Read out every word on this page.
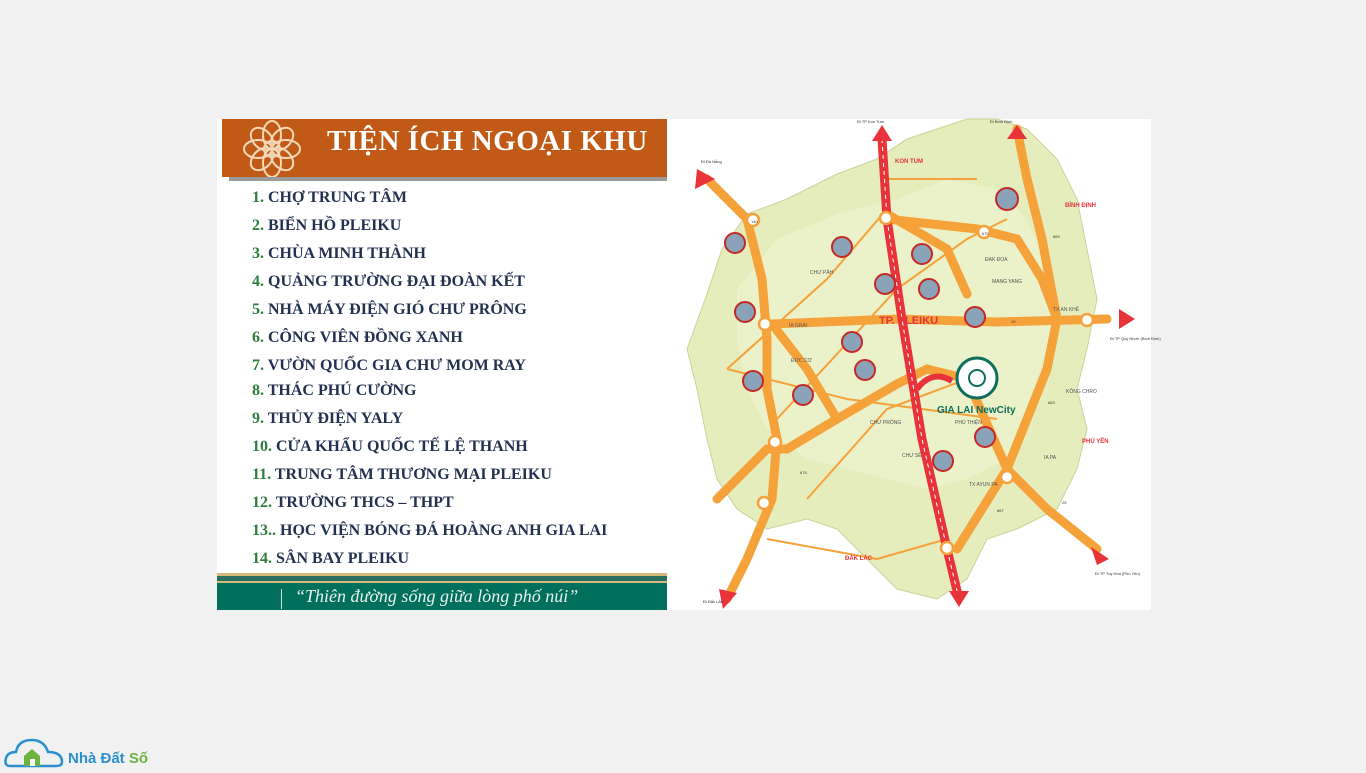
TIỆN ÍCH NGOẠI KHU
1. CHỢ TRUNG TÂM
2. BIỂN HỒ PLEIKU
3. CHÙA MINH THÀNH
4. QUẢNG TRƯỜNG ĐẠI ĐOÀN KẾT
5. NHÀ MÁY ĐIỆN GIÓ CHƯ PRÔNG
6. CÔNG VIÊN ĐỒNG XANH
7. VƯỜN QUỐC GIA CHƯ MOM RAY
8. THÁC PHÚ CƯỜNG
9. THỦY ĐIỆN YALY
10. CỬA KHẨU QUỐC TẾ LỆ THANH
11. TRUNG TÂM THƯƠNG MẠI PLEIKU
12. TRƯỜNG THCS – THPT
13.. HỌC VIỆN BÓNG ĐÁ HOÀNG ANH GIA LAI
14. SÂN BAY PLEIKU
“Thiên đường sống giữa lòng phố núi”
GIA LAI NewCity
TP. PLEIKU
KON TUM
BÌNH ĐỊNH
PHÚ YÊN
ĐẮK LẮC
CHƯ PĂH
ĐAK ĐOA
MANG YANG
IA GRAI
ĐỨC CƠ
CHƯ PRÔNG
CHƯ SÊ
PHÚ THIỆN
KÔNG CHRO
IA PA
TX AN KHÊ
TX AYUN PA
Đi TP Kon Tum	Đi Bình Định
Đi Đà Nẵng
Đi TP Quy Nhơn (Bình Định)
Đi TP Tuy Hòa (Phú Yên)
Đi Đắk Lắk
140
670
669
19
663
675
667
25
Nhà Đất Số
